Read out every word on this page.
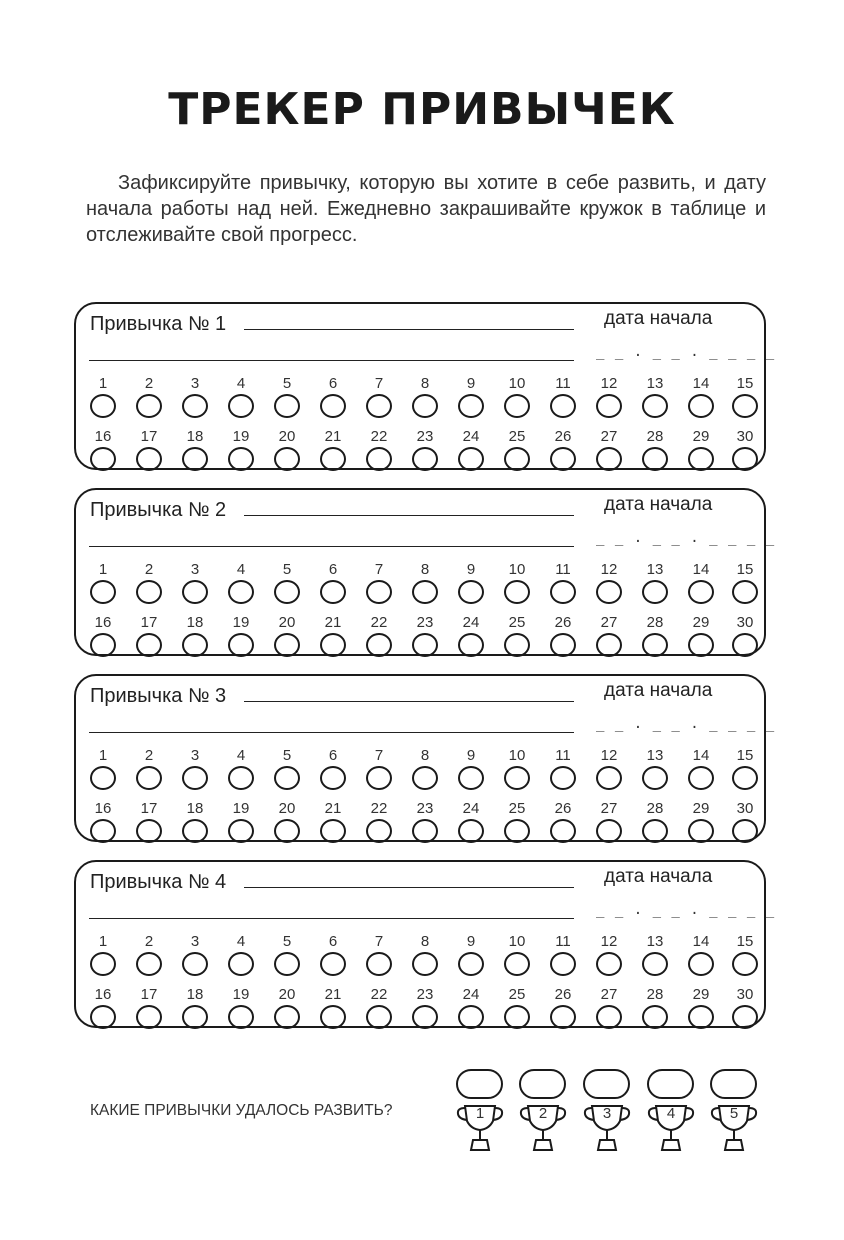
ТРЕКЕР ПРИВЫЧЕК

Зафиксируйте привычку, которую вы хотите в себе развить, и дату начала работы над ней. Ежедневно закрашивайте кружок в таблице и отслеживайте свой прогресс.

Привычка № 1	дата начала
_ _ . _ _ . _ _ _ _
1	2	3	4	5	6	7	8	9	10	11	12	13	14	15
16	17	18	19	20	21	22	23	24	25	26	27	28	29	30
Привычка № 2	дата начала
_ _ . _ _ . _ _ _ _
1	2	3	4	5	6	7	8	9	10	11	12	13	14	15
16	17	18	19	20	21	22	23	24	25	26	27	28	29	30
Привычка № 3	дата начала
_ _ . _ _ . _ _ _ _
1	2	3	4	5	6	7	8	9	10	11	12	13	14	15
16	17	18	19	20	21	22	23	24	25	26	27	28	29	30
Привычка № 4	дата начала
_ _ . _ _ . _ _ _ _
1	2	3	4	5	6	7	8	9	10	11	12	13	14	15
16	17	18	19	20	21	22	23	24	25	26	27	28	29	30
КАКИЕ ПРИВЫЧКИ УДАЛОСЬ РАЗВИТЬ?	1	2	3	4	5
